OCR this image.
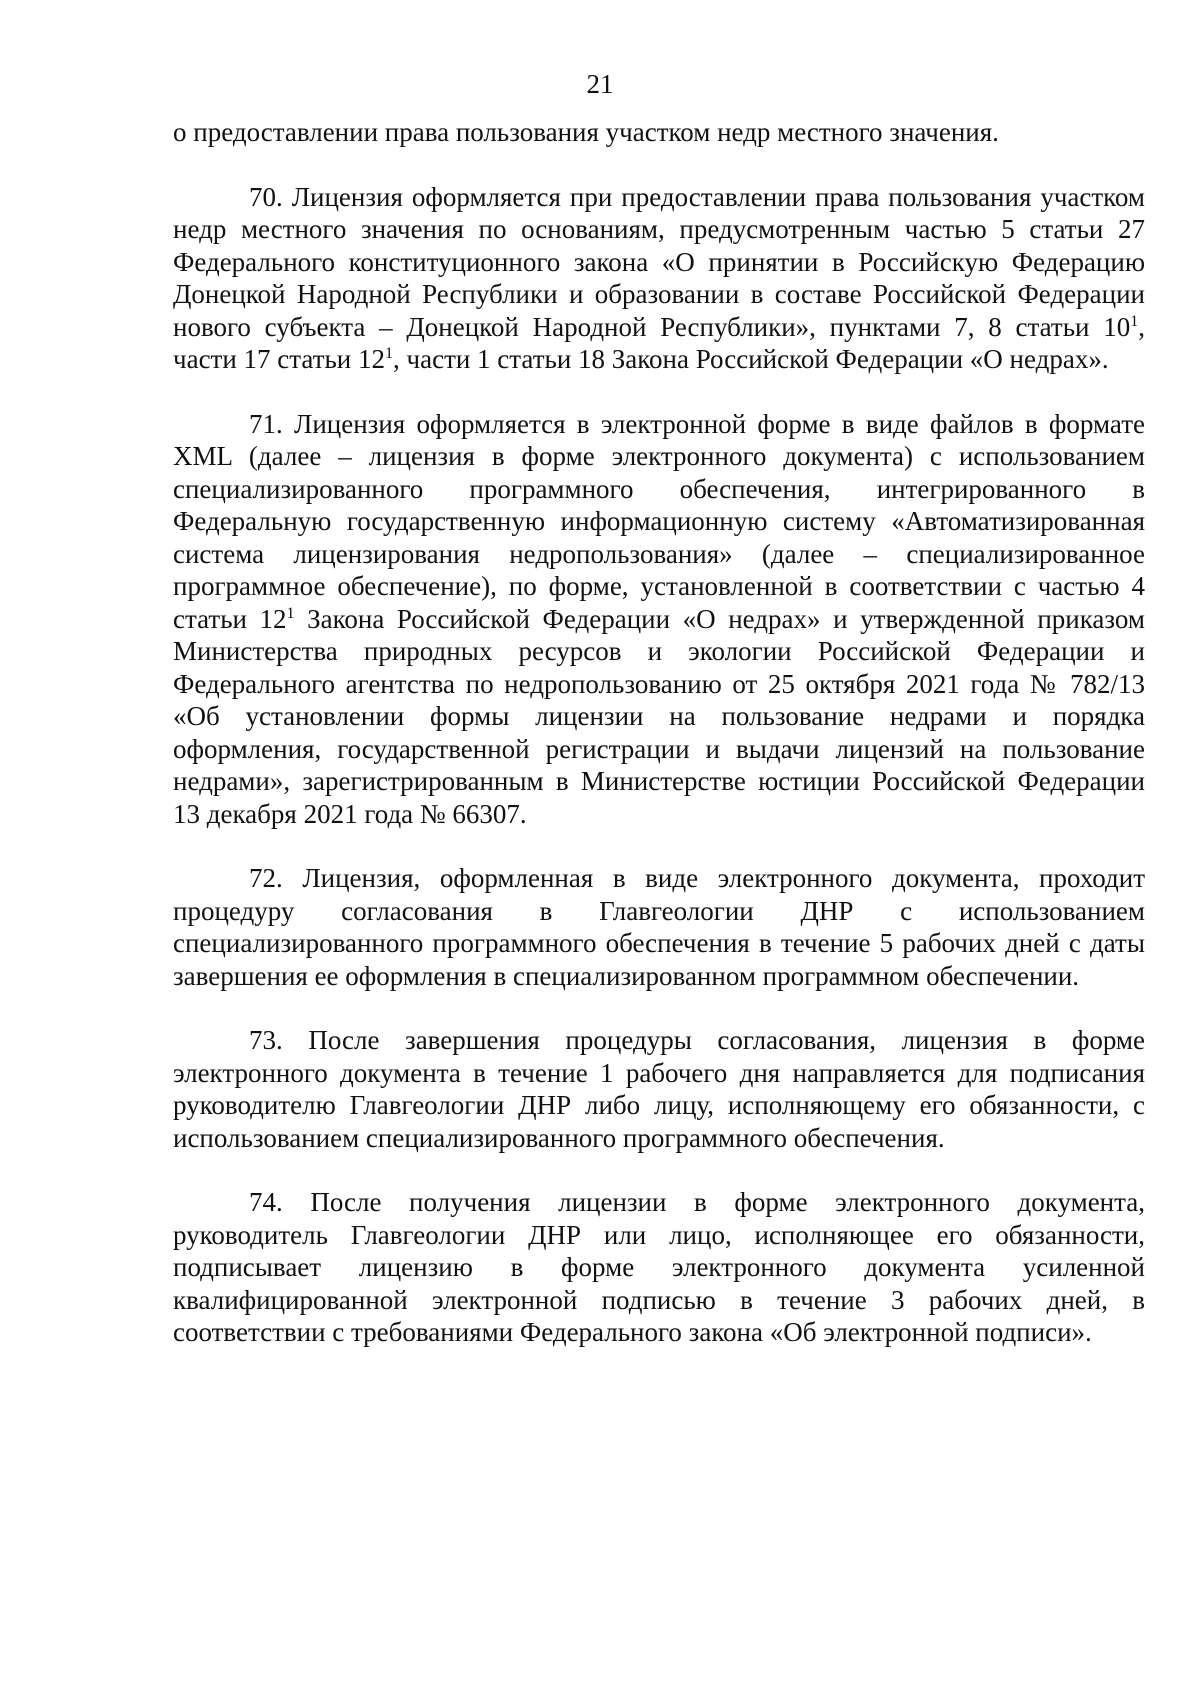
21

о предоставлении права пользования участком недр местного значения.

70. Лицензия оформляется при предоставлении права пользования участком недр местного значения по основаниям, предусмотренным частью 5 статьи 27 Федерального конституционного закона «О принятии в Российскую Федерацию Донецкой Народной Республики и образовании в составе Российской Федерации нового субъекта – Донецкой Народной Республики», пунктами 7, 8 статьи $10^1$, части 17 статьи $12^1$, части 1 статьи 18 Закона Российской Федерации «О недрах».

71. Лицензия оформляется в электронной форме в виде файлов в формате XML (далее – лицензия в форме электронного документа) с использованием специализированного программного обеспечения, интегрированного в Федеральную государственную информационную систему «Автоматизированная система лицензирования недропользования» (далее – специализированное программное обеспечение), по форме, установленной в соответствии с частью 4 статьи $12^1$ Закона Российской Федерации «О недрах» и утвержденной приказом Министерства природных ресурсов и экологии Российской Федерации и Федерального агентства по недропользованию от 25 октября 2021 года № 782/13 «Об установлении формы лицензии на пользование недрами и порядка оформления, государственной регистрации и выдачи лицензий на пользование недрами», зарегистрированным в Министерстве юстиции Российской Федерации 13 декабря 2021 года № 66307.

72. Лицензия, оформленная в виде электронного документа, проходит процедуру согласования в Главгеологии ДНР с использованием специализированного программного обеспечения в течение 5 рабочих дней с даты завершения ее оформления в специализированном программном обеспечении.

73. После завершения процедуры согласования, лицензия в форме электронного документа в течение 1 рабочего дня направляется для подписания руководителю Главгеологии ДНР либо лицу, исполняющему его обязанности, с использованием специализированного программного обеспечения.

74. После получения лицензии в форме электронного документа, руководитель Главгеологии ДНР или лицо, исполняющее его обязанности, подписывает лицензию в форме электронного документа усиленной квалифицированной электронной подписью в течение 3 рабочих дней, в соответствии с требованиями Федерального закона «Об электронной подписи».
